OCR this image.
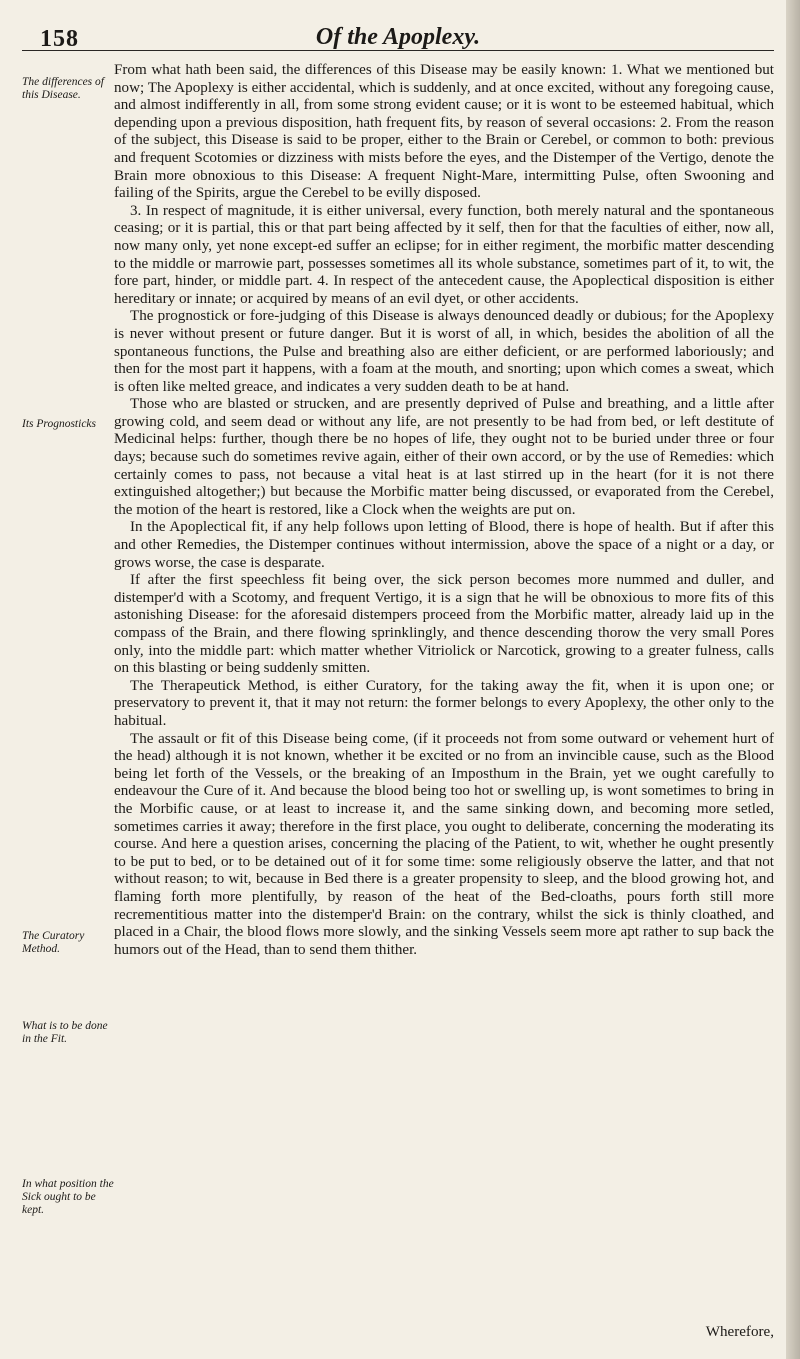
158	Of the Apoplexy.
The differences of this Disease.
Its Prognosticks
The Curatory Method.
What is to be done in the Fit.
In what position the Sick ought to be kept.

From what hath been said, the differences of this Disease may be easily known: 1. What we mentioned but now; The Apoplexy is either accidental, which is suddenly, and at once excited, without any foregoing cause, and almost indifferently in all, from some strong evident cause; or it is wont to be esteemed habitual, which depending upon a previous disposition, hath frequent fits, by reason of several occasions: 2. From the reason of the subject, this Disease is said to be proper, either to the Brain or Cerebel, or common to both: previous and frequent Scotomies or dizziness with mists before the eyes, and the Distemper of the Vertigo, denote the Brain more obnoxious to this Disease: A frequent Night-Mare, intermitting Pulse, often Swooning and failing of the Spirits, argue the Cerebel to be evilly disposed.

3. In respect of magnitude, it is either universal, every function, both merely natural and the spontaneous ceasing; or it is partial, this or that part being affected by it self, then for that the faculties of either, now all, now many only, yet none except-ed suffer an eclipse; for in either regiment, the morbific matter descending to the middle or marrowie part, possesses sometimes all its whole substance, sometimes part of it, to wit, the fore part, hinder, or middle part. 4. In respect of the antecedent cause, the Apoplectical disposition is either hereditary or innate; or acquired by means of an evil dyet, or other accidents.

The prognostick or fore-judging of this Disease is always denounced deadly or dubious; for the Apoplexy is never without present or future danger. But it is worst of all, in which, besides the abolition of all the spontaneous functions, the Pulse and breathing also are either deficient, or are performed laboriously; and then for the most part it happens, with a foam at the mouth, and snorting; upon which comes a sweat, which is often like melted greace, and indicates a very sudden death to be at hand.

Those who are blasted or strucken, and are presently deprived of Pulse and breathing, and a little after growing cold, and seem dead or without any life, are not presently to be had from bed, or left destitute of Medicinal helps: further, though there be no hopes of life, they ought not to be buried under three or four days; because such do sometimes revive again, either of their own accord, or by the use of Remedies: which certainly comes to pass, not because a vital heat is at last stirred up in the heart (for it is not there extinguished altogether;) but because the Morbific matter being discussed, or evaporated from the Cerebel, the motion of the heart is restored, like a Clock when the weights are put on.

In the Apoplectical fit, if any help follows upon letting of Blood, there is hope of health. But if after this and other Remedies, the Distemper continues without intermission, above the space of a night or a day, or grows worse, the case is desparate.

If after the first speechless fit being over, the sick person becomes more nummed and duller, and distemper'd with a Scotomy, and frequent Vertigo, it is a sign that he will be obnoxious to more fits of this astonishing Disease: for the aforesaid distempers proceed from the Morbific matter, already laid up in the compass of the Brain, and there flowing sprinklingly, and thence descending thorow the very small Pores only, into the middle part: which matter whether Vitriolick or Narcotick, growing to a greater fulness, calls on this blasting or being suddenly smitten.

The Therapeutick Method, is either Curatory, for the taking away the fit, when it is upon one; or preservatory to prevent it, that it may not return: the former belongs to every Apoplexy, the other only to the habitual.

The assault or fit of this Disease being come, (if it proceeds not from some outward or vehement hurt of the head) although it is not known, whether it be excited or no from an invincible cause, such as the Blood being let forth of the Vessels, or the breaking of an Imposthum in the Brain, yet we ought carefully to endeavour the Cure of it. And because the blood being too hot or swelling up, is wont sometimes to bring in the Morbific cause, or at least to increase it, and the same sinking down, and becoming more setled, sometimes carries it away; therefore in the first place, you ought to deliberate, concerning the moderating its course. And here a question arises, concerning the placing of the Patient, to wit, whether he ought presently to be put to bed, or to be detained out of it for some time: some religiously observe the latter, and that not without reason; to wit, because in Bed there is a greater propensity to sleep, and the blood growing hot, and flaming forth more plentifully, by reason of the heat of the Bed-cloaths, pours forth still more recrementitious matter into the distemper'd Brain: on the contrary, whilst the sick is thinly cloathed, and placed in a Chair, the blood flows more slowly, and the sinking Vessels seem more apt rather to sup back the humors out of the Head, than to send them thither.

Wherefore,
